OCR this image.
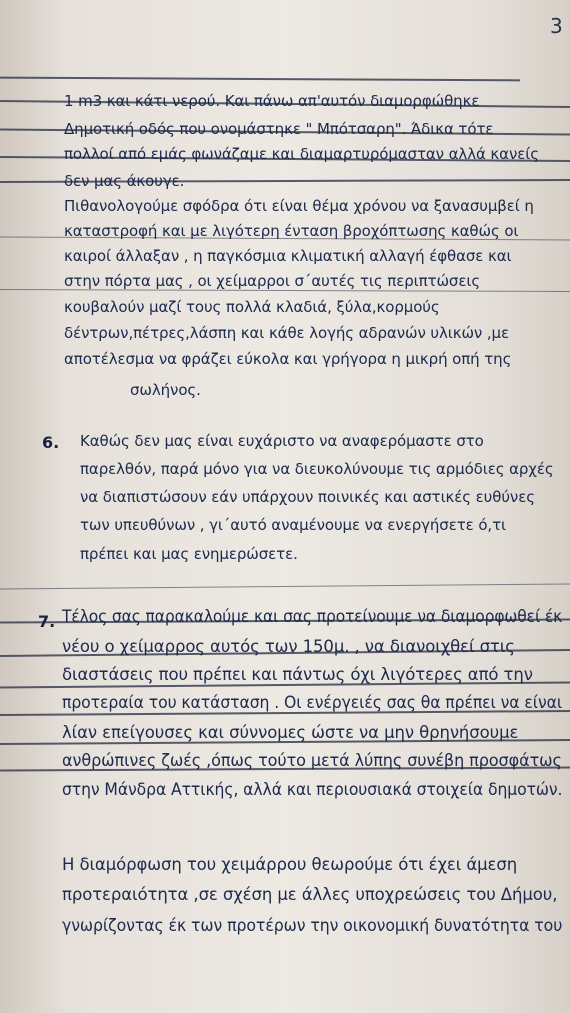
3
1 m3 και κάτι νερού. Και πάνω απ'αυτόν διαμορφώθηκε
Δημοτική οδός που ονομάστηκε " Μπότσαρη". Άδικα τότε
πολλοί από εμάς φωνάζαμε και διαμαρτυρόμασταν αλλά κανείς
δεν μας άκουγε.
Πιθανολογούμε σφόδρα ότι είναι θέμα χρόνου να ξανασυμβεί η
καταστροφή και με λιγότερη ένταση βροχόπτωσης καθώς οι
καιροί άλλαξαν , η παγκόσμια κλιματική αλλαγή έφθασε και
στην πόρτα μας , οι χείμαρροι σ΄αυτές τις περιπτώσεις
κουβαλούν μαζί τους πολλά κλαδιά, ξύλα,κορμούς
δέντρων,πέτρες,λάσπη και κάθε λογής αδρανών υλικών ,με
αποτέλεσμα να φράζει εύκολα και γρήγορα η μικρή οπή της
σωλήνος.
6. Καθώς δεν μας είναι ευχάριστο να αναφερόμαστε στο
παρελθόν, παρά μόνο για να διευκολύνουμε τις αρμόδιες αρχές
να διαπιστώσουν εάν υπάρχουν ποινικές και αστικές ευθύνες
των υπευθύνων , γι΄αυτό αναμένουμε να ενεργήσετε ό,τι
πρέπει και μας ενημερώσετε.
7. Τέλος σας παρακαλούμε και σας προτείνουμε να διαμορφωθεί έκ
νέου ο χείμαρρος αυτός των 150μ. , να διανοιχθεί στις
διαστάσεις που πρέπει και πάντως όχι λιγότερες από την
προτεραία του κατάσταση . Οι ενέργειές σας θα πρέπει να είναι
λίαν επείγουσες και σύννομες ώστε να μην θρηνήσουμε
ανθρώπινες ζωές ,όπως τούτο μετά λύπης συνέβη προσφάτως
στην Μάνδρα Αττικής, αλλά και περιουσιακά στοιχεία δημοτών.
Η διαμόρφωση του χειμάρρου θεωρούμε ότι έχει άμεση
προτεραιότητα ,σε σχέση με άλλες υποχρεώσεις του Δήμου,
γνωρίζοντας έκ των προτέρων την οικονομική δυνατότητα του
